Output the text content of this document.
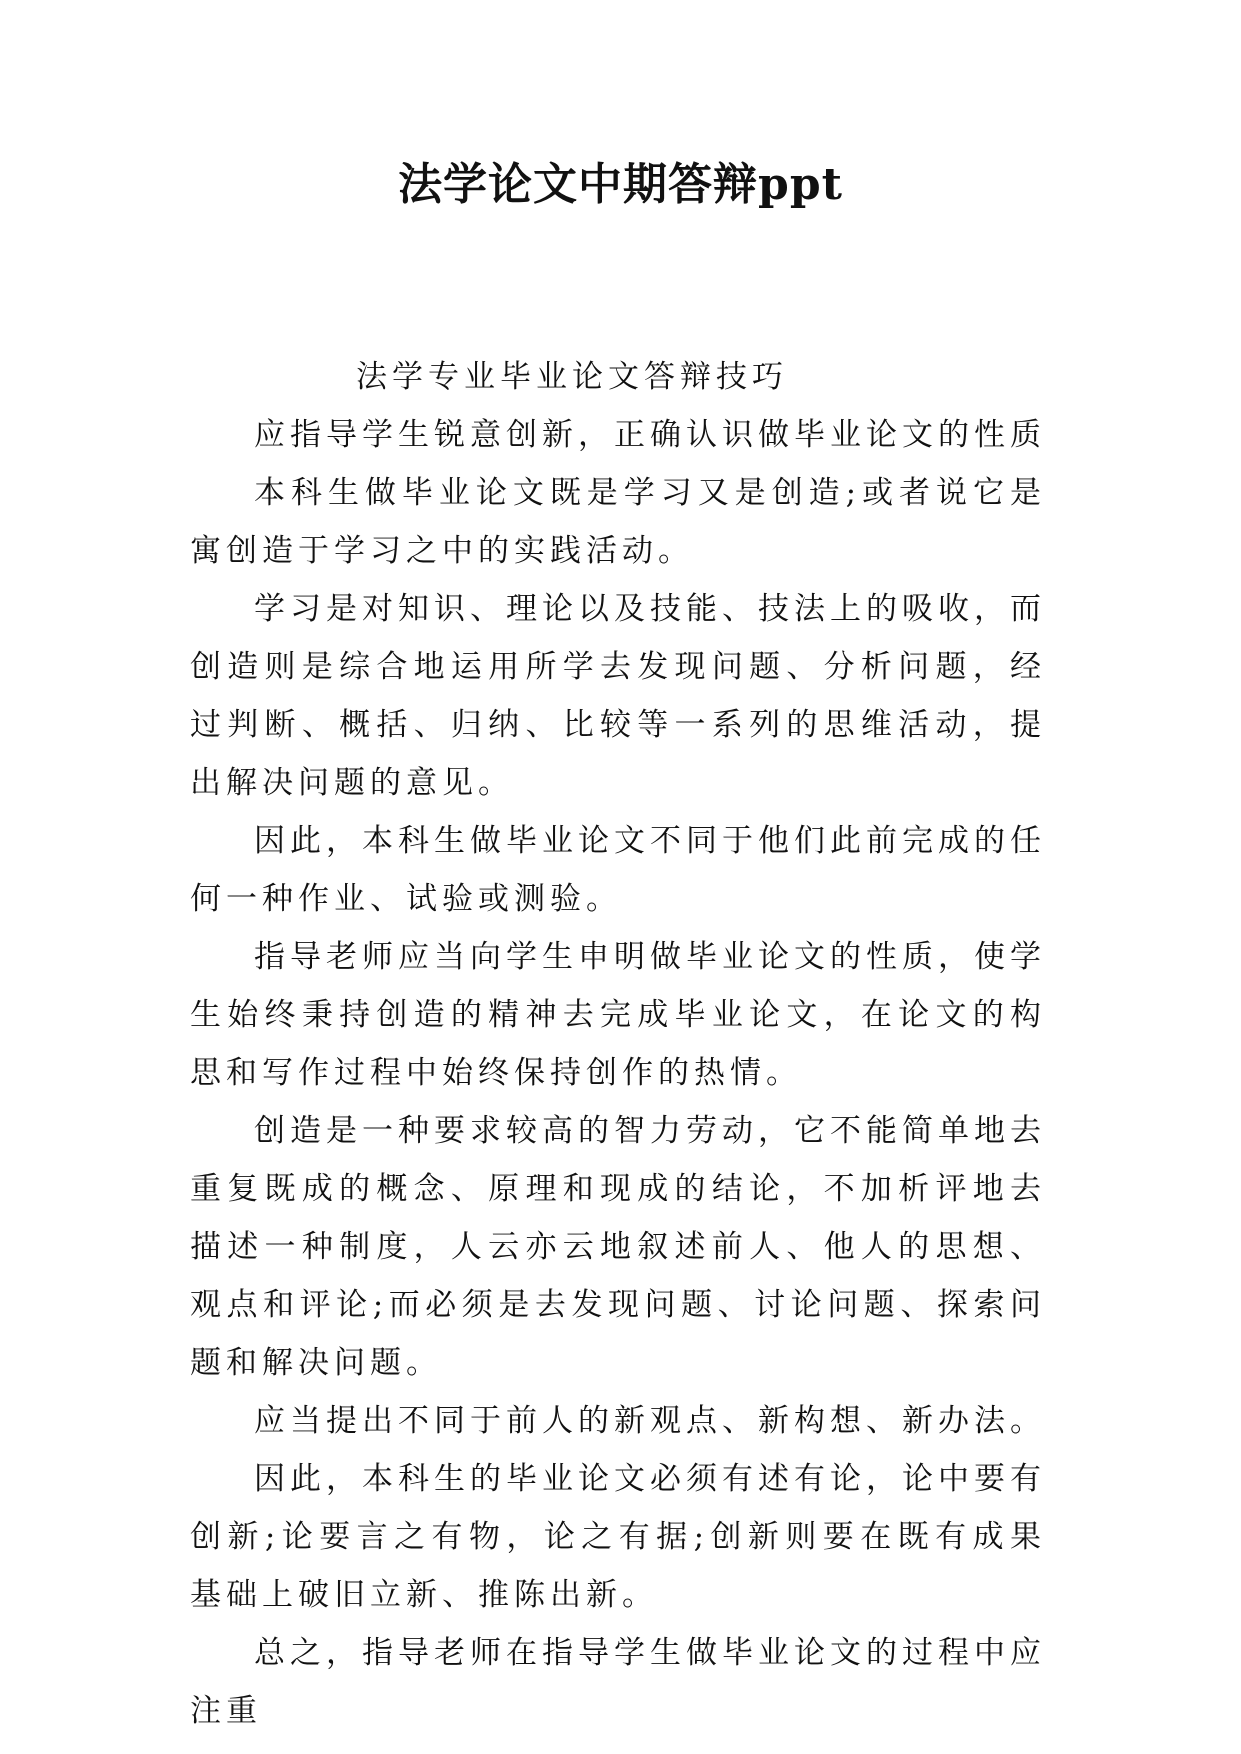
法学论文中期答辩ppt

法学专业毕业论文答辩技巧

应指导学生锐意创新，正确认识做毕业论文的性质

本科生做毕业论文既是学习又是创造;或者说它是寓创造于学习之中的实践活动。

学习是对知识、理论以及技能、技法上的吸收，而创造则是综合地运用所学去发现问题、分析问题，经过判断、概括、归纳、比较等一系列的思维活动，提出解决问题的意见。

因此，本科生做毕业论文不同于他们此前完成的任何一种作业、试验或测验。

指导老师应当向学生申明做毕业论文的性质，使学生始终秉持创造的精神去完成毕业论文，在论文的构思和写作过程中始终保持创作的热情。

创造是一种要求较高的智力劳动，它不能简单地去重复既成的概念、原理和现成的结论，不加析评地去描述一种制度，人云亦云地叙述前人、他人的思想、观点和评论;而必须是去发现问题、讨论问题、探索问题和解决问题。

应当提出不同于前人的新观点、新构想、新办法。

因此，本科生的毕业论文必须有述有论，论中要有创新;论要言之有物，论之有据;创新则要在既有成果基础上破旧立新、推陈出新。

总之，指导老师在指导学生做毕业论文的过程中应注重
